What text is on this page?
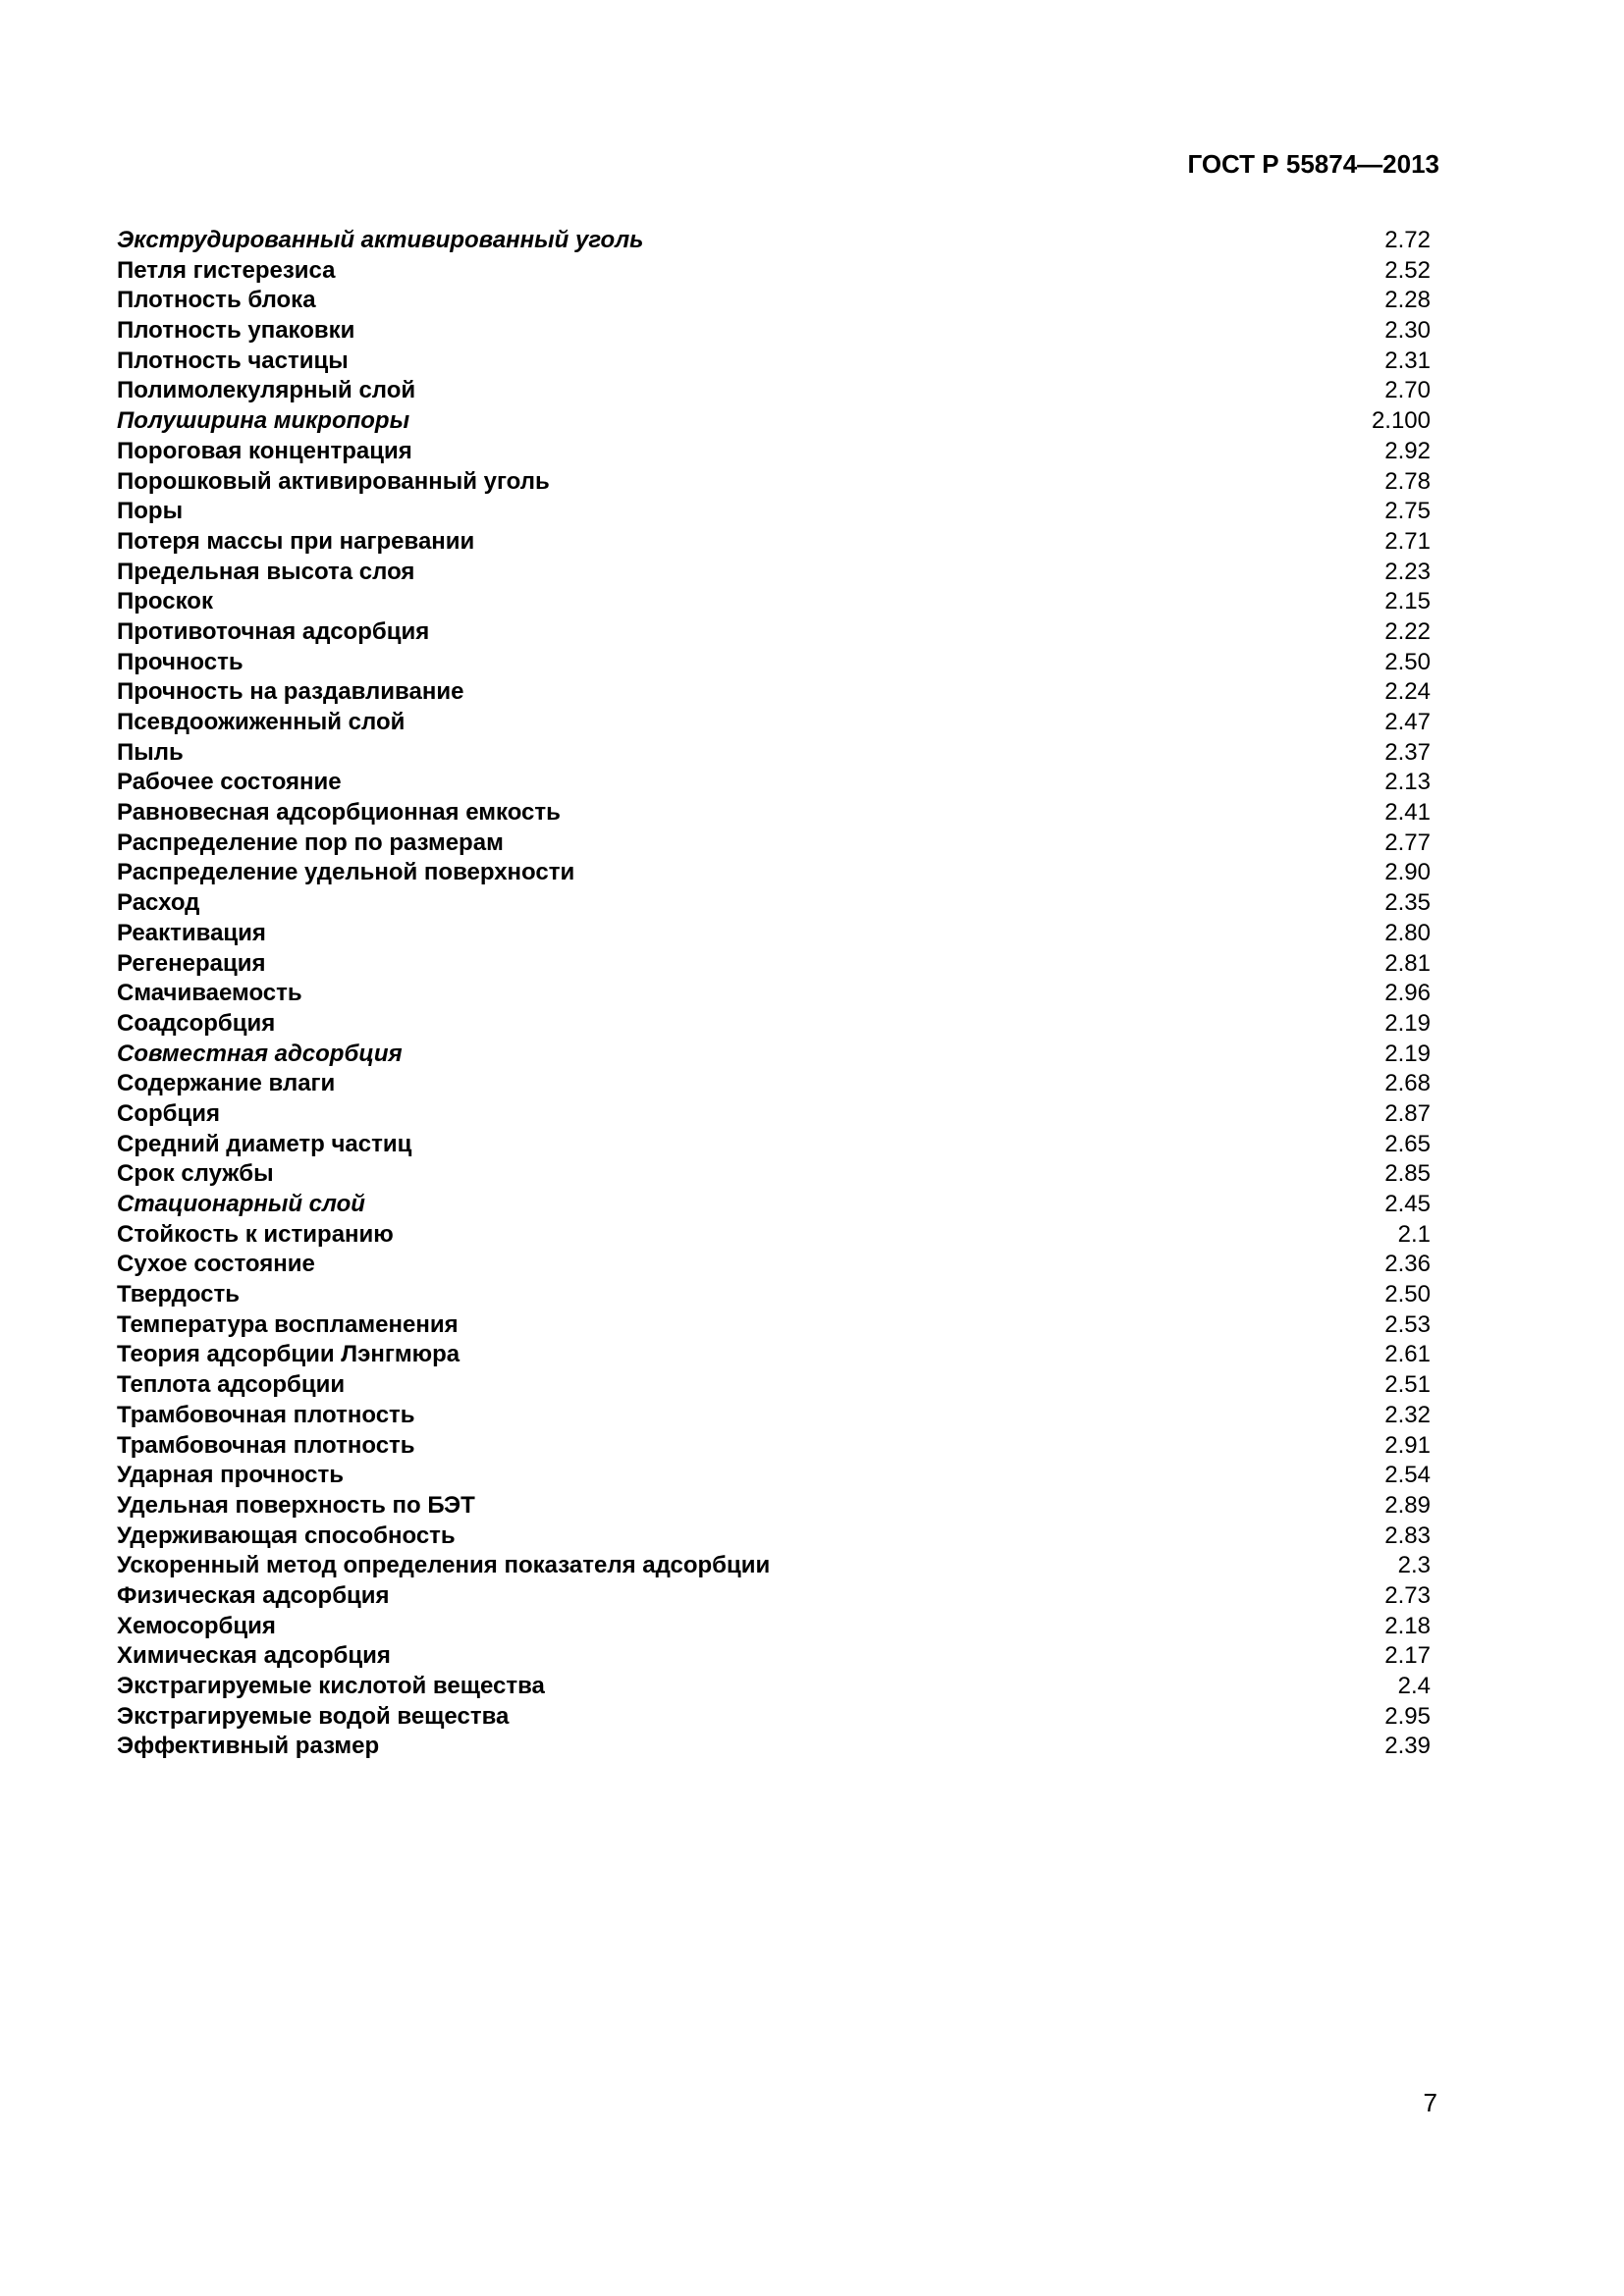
ГОСТ Р 55874—2013
Экструдированный активированный уголь	2.72
Петля гистерезиса	2.52
Плотность блока	2.28
Плотность упаковки	2.30
Плотность частицы	2.31
Полимолекулярный слой	2.70
Полуширина микропоры	2.100
Пороговая концентрация	2.92
Порошковый активированный уголь	2.78
Поры	2.75
Потеря массы при нагревании	2.71
Предельная высота слоя	2.23
Проскок	2.15
Противоточная адсорбция	2.22
Прочность	2.50
Прочность на раздавливание	2.24
Псевдоожиженный слой	2.47
Пыль	2.37
Рабочее состояние	2.13
Равновесная адсорбционная емкость	2.41
Распределение пор по размерам	2.77
Распределение удельной поверхности	2.90
Расход	2.35
Реактивация	2.80
Регенерация	2.81
Смачиваемость	2.96
Соадсорбция	2.19
Совместная адсорбция	2.19
Содержание влаги	2.68
Сорбция	2.87
Средний диаметр частиц	2.65
Срок службы	2.85
Стационарный слой	2.45
Стойкость к истиранию	2.1
Сухое состояние	2.36
Твердость	2.50
Температура воспламенения	2.53
Теория адсорбции Лэнгмюра	2.61
Теплота адсорбции	2.51
Трамбовочная плотность	2.32
Трамбовочная плотность	2.91
Ударная прочность	2.54
Удельная поверхность по БЭТ	2.89
Удерживающая способность	2.83
Ускоренный метод определения показателя адсорбции	2.3
Физическая адсорбция	2.73
Хемосорбция	2.18
Химическая адсорбция	2.17
Экстрагируемые кислотой вещества	2.4
Экстрагируемые водой вещества	2.95
Эффективный размер	2.39
7
